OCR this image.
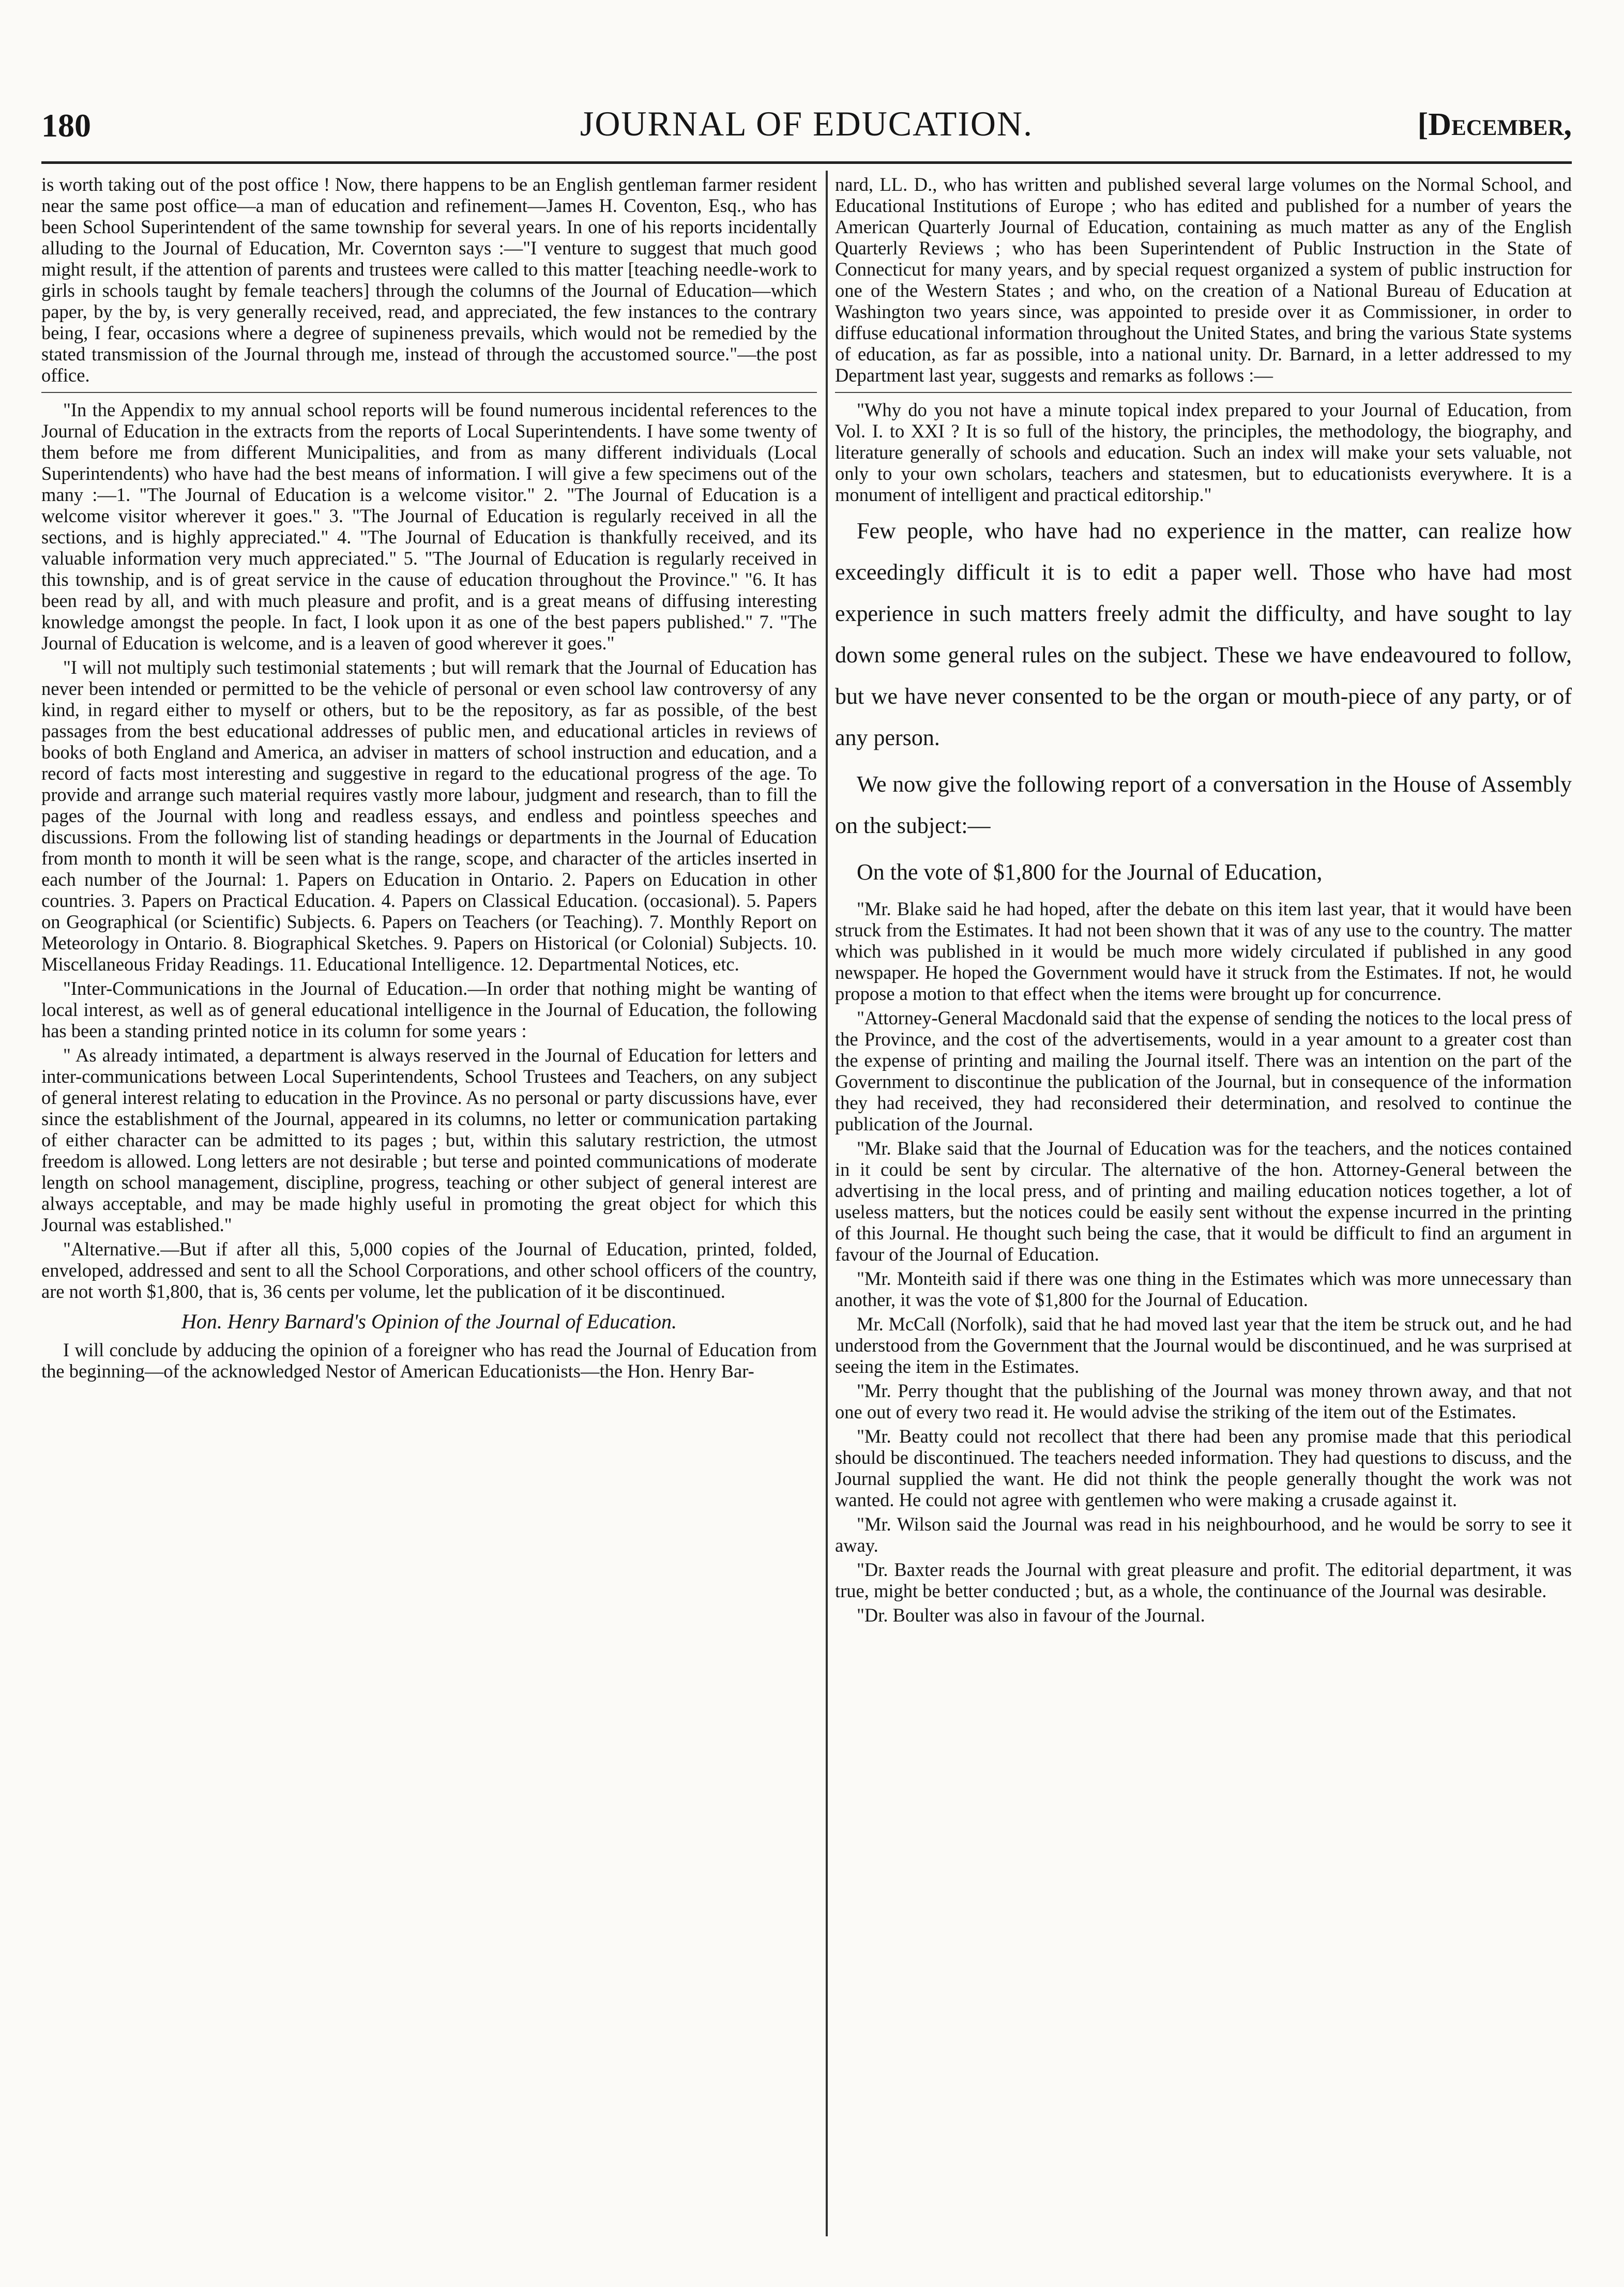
180	JOURNAL OF EDUCATION.	[December,

is worth taking out of the post office ! Now, there happens to be an English gentleman farmer resident near the same post office—a man of education and refinement—James H. Coventon, Esq., who has been School Superintendent of the same township for several years. In one of his reports incidentally alluding to the Journal of Education, Mr. Covernton says :—"I venture to suggest that much good might result, if the attention of parents and trustees were called to this matter [teaching needle-work to girls in schools taught by female teachers] through the columns of the Journal of Education—which paper, by the by, is very generally received, read, and appreciated, the few instances to the contrary being, I fear, occasions where a degree of supineness prevails, which would not be remedied by the stated transmission of the Journal through me, instead of through the accustomed source."—the post office.

"In the Appendix to my annual school reports will be found numerous incidental references to the Journal of Education in the extracts from the reports of Local Superintendents. I have some twenty of them before me from different Municipalities, and from as many different individuals (Local Superintendents) who have had the best means of information. I will give a few specimens out of the many :—1. "The Journal of Education is a welcome visitor." 2. "The Journal of Education is a welcome visitor wherever it goes." 3. "The Journal of Education is regularly received in all the sections, and is highly appreciated." 4. "The Journal of Education is thankfully received, and its valuable information very much appreciated." 5. "The Journal of Education is regularly received in this township, and is of great service in the cause of education throughout the Province." "6. It has been read by all, and with much pleasure and profit, and is a great means of diffusing interesting knowledge amongst the people. In fact, I look upon it as one of the best papers published." 7. "The Journal of Education is welcome, and is a leaven of good wherever it goes."

"I will not multiply such testimonial statements ; but will remark that the Journal of Education has never been intended or permitted to be the vehicle of personal or even school law controversy of any kind, in regard either to myself or others, but to be the repository, as far as possible, of the best passages from the best educational addresses of public men, and educational articles in reviews of books of both England and America, an adviser in matters of school instruction and education, and a record of facts most interesting and suggestive in regard to the educational progress of the age. To provide and arrange such material requires vastly more labour, judgment and research, than to fill the pages of the Journal with long and readless essays, and endless and pointless speeches and discussions. From the following list of standing headings or departments in the Journal of Education from month to month it will be seen what is the range, scope, and character of the articles inserted in each number of the Journal: 1. Papers on Education in Ontario. 2. Papers on Education in other countries. 3. Papers on Practical Education. 4. Papers on Classical Education. (occasional). 5. Papers on Geographical (or Scientific) Subjects. 6. Papers on Teachers (or Teaching). 7. Monthly Report on Meteorology in Ontario. 8. Biographical Sketches. 9. Papers on Historical (or Colonial) Subjects. 10. Miscellaneous Friday Readings. 11. Educational Intelligence. 12. Departmental Notices, etc.

"Inter-Communications in the Journal of Education.—In order that nothing might be wanting of local interest, as well as of general educational intelligence in the Journal of Education, the following has been a standing printed notice in its column for some years :

" As already intimated, a department is always reserved in the Journal of Education for letters and inter-communications between Local Superintendents, School Trustees and Teachers, on any subject of general interest relating to education in the Province. As no personal or party discussions have, ever since the establishment of the Journal, appeared in its columns, no letter or communication partaking of either character can be admitted to its pages ; but, within this salutary restriction, the utmost freedom is allowed. Long letters are not desirable ; but terse and pointed communications of moderate length on school management, discipline, progress, teaching or other subject of general interest are always acceptable, and may be made highly useful in promoting the great object for which this Journal was established."

"Alternative.—But if after all this, 5,000 copies of the Journal of Education, printed, folded, enveloped, addressed and sent to all the School Corporations, and other school officers of the country, are not worth $1,800, that is, 36 cents per volume, let the publication of it be discontinued.

Hon. Henry Barnard's Opinion of the Journal of Education.

I will conclude by adducing the opinion of a foreigner who has read the Journal of Education from the beginning—of the acknowledged Nestor of American Educationists—the Hon. Henry Bar-

nard, LL. D., who has written and published several large volumes on the Normal School, and Educational Institutions of Europe ; who has edited and published for a number of years the American Quarterly Journal of Education, containing as much matter as any of the English Quarterly Reviews ; who has been Superintendent of Public Instruction in the State of Connecticut for many years, and by special request organized a system of public instruction for one of the Western States ; and who, on the creation of a National Bureau of Education at Washington two years since, was appointed to preside over it as Commissioner, in order to diffuse educational information throughout the United States, and bring the various State systems of education, as far as possible, into a national unity. Dr. Barnard, in a letter addressed to my Department last year, suggests and remarks as follows :—

"Why do you not have a minute topical index prepared to your Journal of Education, from Vol. I. to XXI ? It is so full of the history, the principles, the methodology, the biography, and literature generally of schools and education. Such an index will make your sets valuable, not only to your own scholars, teachers and statesmen, but to educationists everywhere. It is a monument of intelligent and practical editorship."

Few people, who have had no experience in the matter, can realize how exceedingly difficult it is to edit a paper well. Those who have had most experience in such matters freely admit the difficulty, and have sought to lay down some general rules on the subject. These we have endeavoured to follow, but we have never consented to be the organ or mouth-piece of any party, or of any person.

We now give the following report of a conversation in the House of Assembly on the subject:—

On the vote of $1,800 for the Journal of Education,

"Mr. Blake said he had hoped, after the debate on this item last year, that it would have been struck from the Estimates. It had not been shown that it was of any use to the country. The matter which was published in it would be much more widely circulated if published in any good newspaper. He hoped the Government would have it struck from the Estimates. If not, he would propose a motion to that effect when the items were brought up for concurrence.

"Attorney-General Macdonald said that the expense of sending the notices to the local press of the Province, and the cost of the advertisements, would in a year amount to a greater cost than the expense of printing and mailing the Journal itself. There was an intention on the part of the Government to discontinue the publication of the Journal, but in consequence of the information they had received, they had reconsidered their determination, and resolved to continue the publication of the Journal.

"Mr. Blake said that the Journal of Education was for the teachers, and the notices contained in it could be sent by circular. The alternative of the hon. Attorney-General between the advertising in the local press, and of printing and mailing education notices together, a lot of useless matters, but the notices could be easily sent without the expense incurred in the printing of this Journal. He thought such being the case, that it would be difficult to find an argument in favour of the Journal of Education.

"Mr. Monteith said if there was one thing in the Estimates which was more unnecessary than another, it was the vote of $1,800 for the Journal of Education.

Mr. McCall (Norfolk), said that he had moved last year that the item be struck out, and he had understood from the Government that the Journal would be discontinued, and he was surprised at seeing the item in the Estimates.

"Mr. Perry thought that the publishing of the Journal was money thrown away, and that not one out of every two read it. He would advise the striking of the item out of the Estimates.

"Mr. Beatty could not recollect that there had been any promise made that this periodical should be discontinued. The teachers needed information. They had questions to discuss, and the Journal supplied the want. He did not think the people generally thought the work was not wanted. He could not agree with gentlemen who were making a crusade against it.

"Mr. Wilson said the Journal was read in his neighbourhood, and he would be sorry to see it away.

"Dr. Baxter reads the Journal with great pleasure and profit. The editorial department, it was true, might be better conducted ; but, as a whole, the continuance of the Journal was desirable.

"Dr. Boulter was also in favour of the Journal.
